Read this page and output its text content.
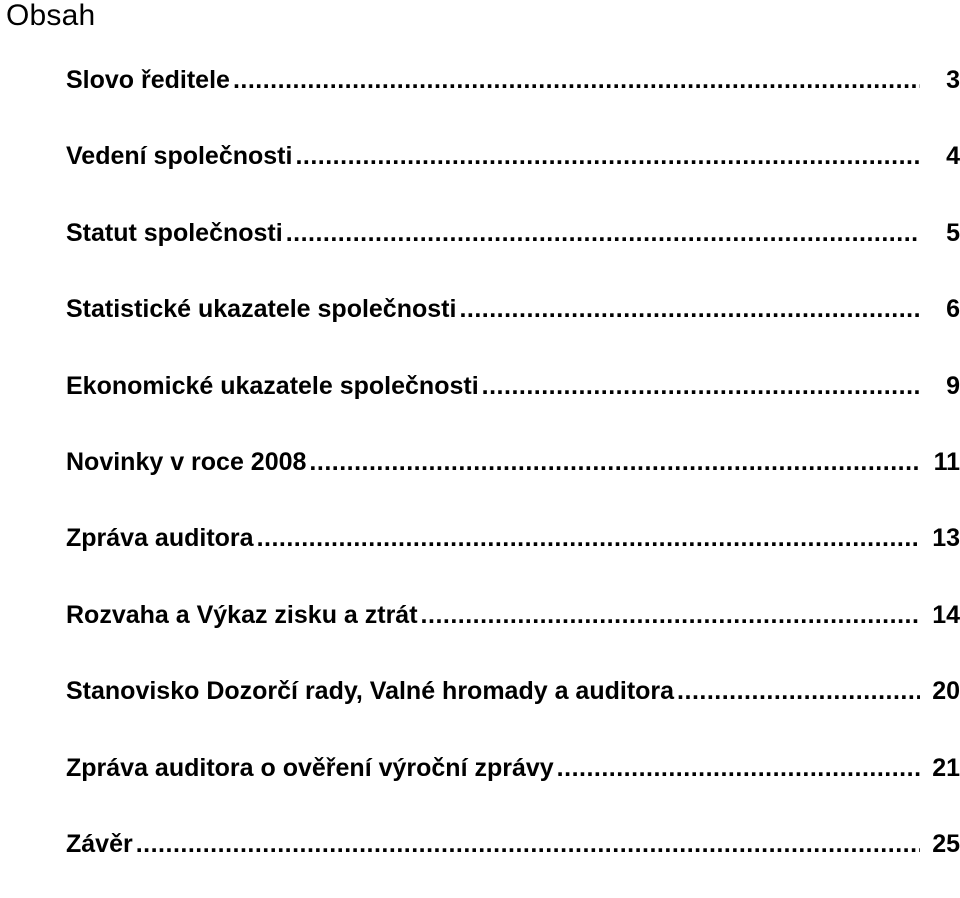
Obsah
Slovo ředitele .....	3
Vedení společnosti .....	4
Statut společnosti .....	5
Statistické ukazatele společnosti .....	6
Ekonomické ukazatele společnosti .....	9
Novinky v roce 2008 .....	11
Zpráva auditora .....	13
Rozvaha a Výkaz zisku a ztrát .....	14
Stanovisko Dozorčí rady, Valné hromady a auditora .....	20
Zpráva auditora o ověření výroční zprávy .....	21
Závěr .....	25
